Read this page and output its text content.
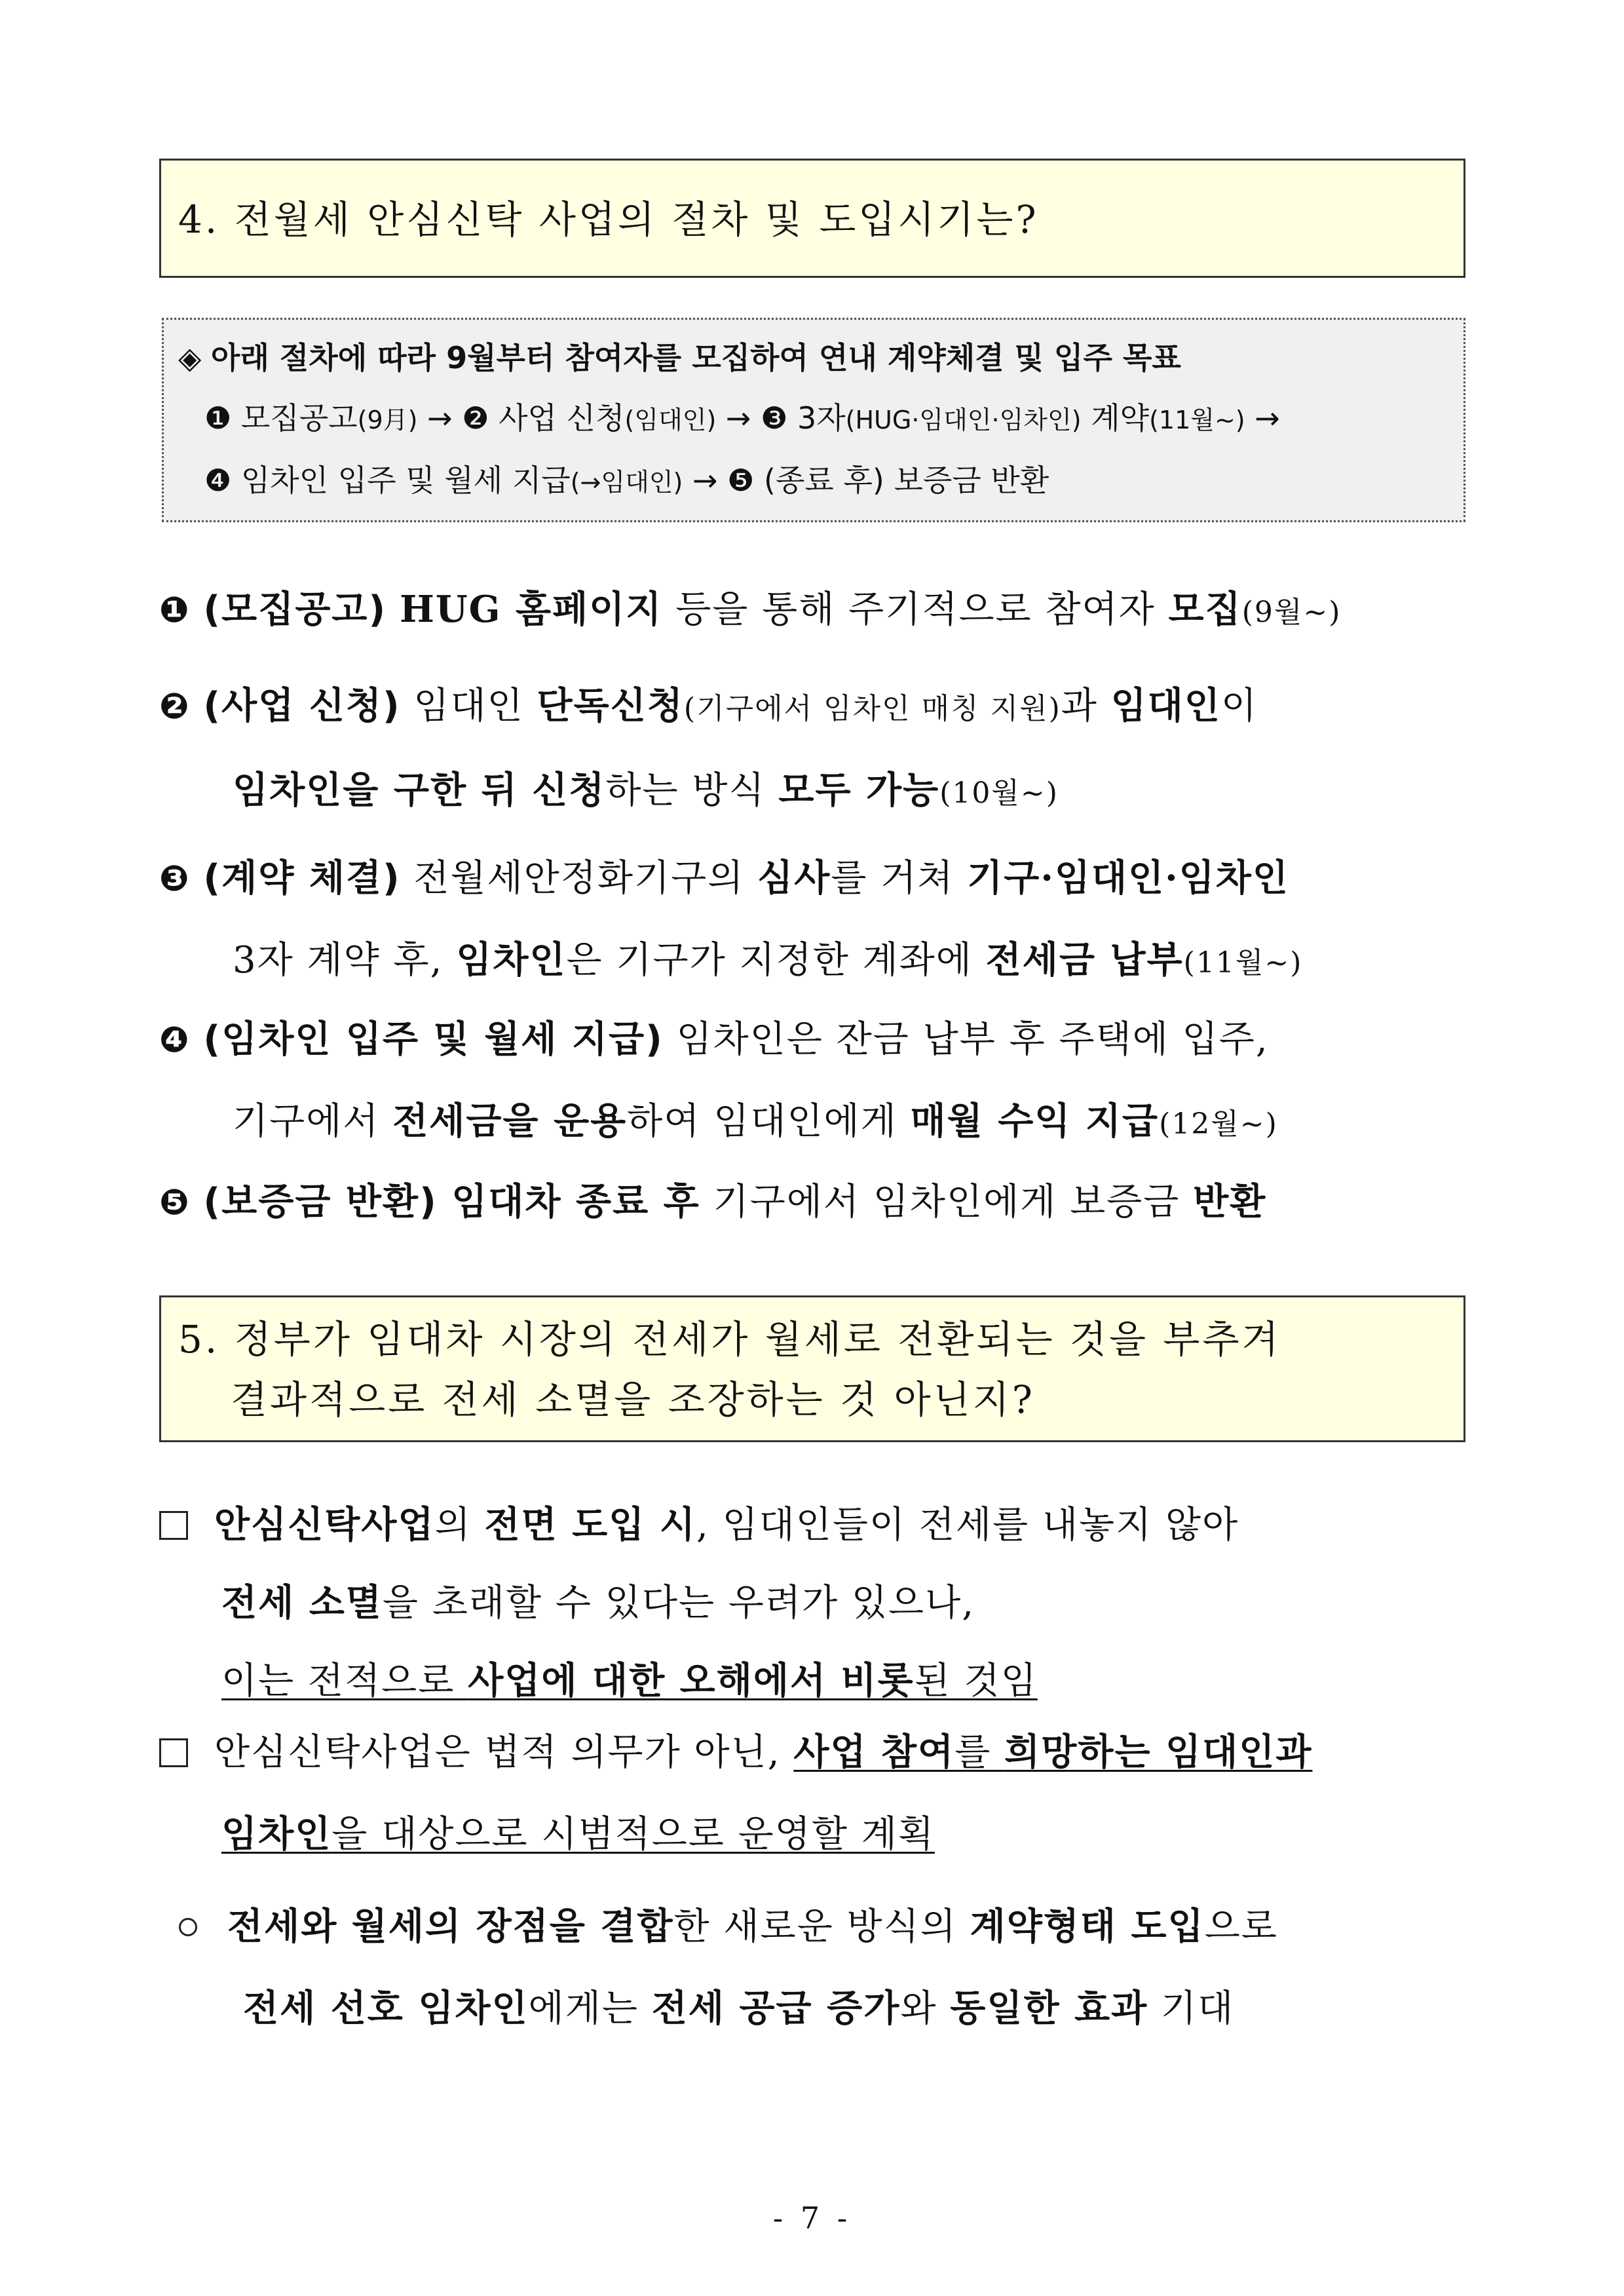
4. 전월세 안심신탁 사업의 절차 및 도입시기는?
◈ 아래 절차에 따라 9월부터 참여자를 모집하여 연내 계약체결 및 입주 목표
❶ 모집공고(9月) → ❷ 사업 신청(임대인) → ❸ 3자(HUG·임대인·임차인) 계약(11월~) →
❹ 임차인 입주 및 월세 지급(→임대인) → ❺ (종료 후) 보증금 반환
❶ (모집공고) HUG 홈페이지 등을 통해 주기적으로 참여자 모집(9월~)
❷ (사업 신청) 임대인 단독신청(기구에서 임차인 매칭 지원)과 임대인이
임차인을 구한 뒤 신청하는 방식 모두 가능(10월~)
❸ (계약 체결) 전월세안정화기구의 심사를 거쳐 기구·임대인·임차인
3자 계약 후, 임차인은 기구가 지정한 계좌에 전세금 납부(11월~)
❹ (임차인 입주 및 월세 지급) 임차인은 잔금 납부 후 주택에 입주,
기구에서 전세금을 운용하여 임대인에게 매월 수익 지급(12월~)
❺ (보증금 반환) 임대차 종료 후 기구에서 임차인에게 보증금 반환
5. 정부가 임대차 시장의 전세가 월세로 전환되는 것을 부추겨
결과적으로 전세 소멸을 조장하는 것 아닌지?
안심신탁사업의 전면 도입 시, 임대인들이 전세를 내놓지 않아
전세 소멸을 초래할 수 있다는 우려가 있으나,
이는 전적으로 사업에 대한 오해에서 비롯된 것임
안심신탁사업은 법적 의무가 아닌, 사업 참여를 희망하는 임대인과
임차인을 대상으로 시범적으로 운영할 계획
전세와 월세의 장점을 결합한 새로운 방식의 계약형태 도입으로
전세 선호 임차인에게는 전세 공급 증가와 동일한 효과 기대
- 7 -
